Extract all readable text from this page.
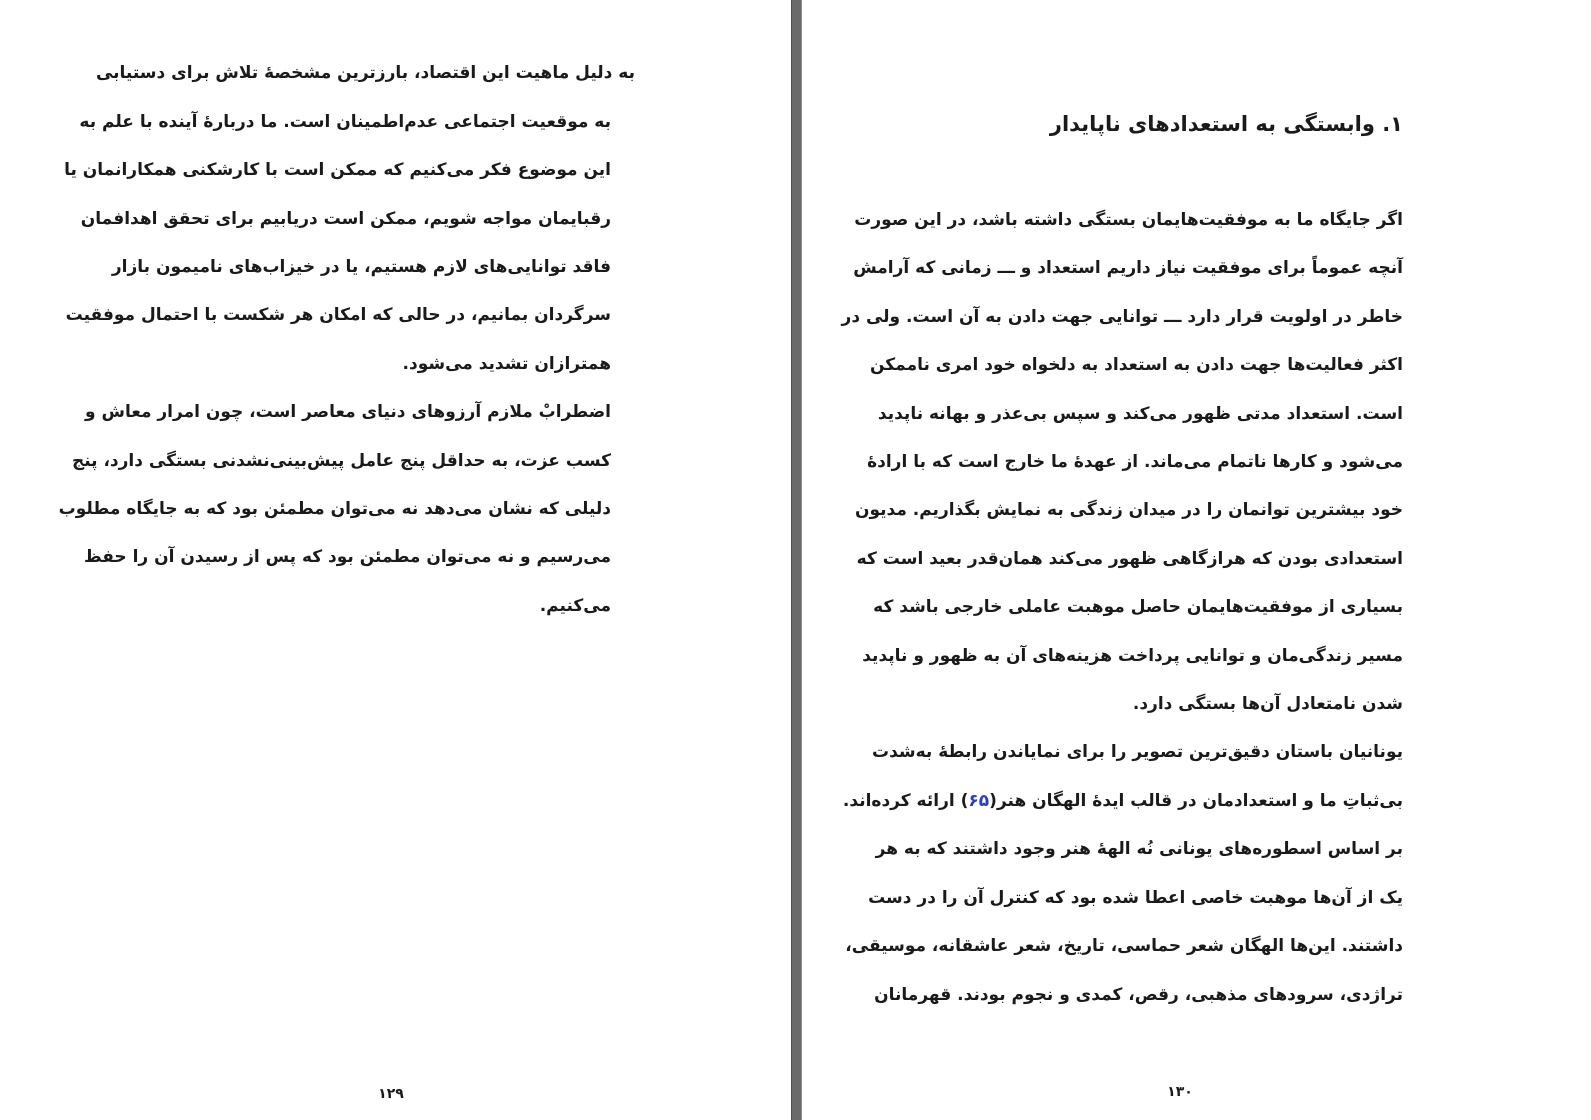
به دلیل ماهیت این اقتصاد، بارزترین مشخصهٔ تلاش برای دستیابی
به موقعیت اجتماعی عدم‌اطمینان است. ما دربارهٔ آینده با علم به
این موضوع فکر می‌کنیم که ممکن است با کارشکنی همکارانمان یا
رقبایمان مواجه شویم، ممکن است دریابیم برای تحقق اهدافمان
فاقد توانایی‌های لازم هستیم، یا در خیزاب‌های نامیمون بازار
سرگردان بمانیم، در حالی که امکان هر شکست با احتمال موفقیت
همترازان تشدید می‌شود.
اضطرابْ ملازم آرزوهای دنیای معاصر است، چون امرار معاش و
کسب عزت، به حداقل پنج عامل پیش‌بینی‌نشدنی بستگی دارد، پنج
دلیلی که نشان می‌دهد نه می‌توان مطمئن بود که به جایگاه مطلوب
می‌رسیم و نه می‌توان مطمئن بود که پس از رسیدن آن را حفظ
می‌کنیم.
۱۲۹
۱. وابستگی به استعدادهای ناپایدار
اگر جایگاه ما به موفقیت‌هایمان بستگی داشته باشد، در این صورت
آنچه عموماً برای موفقیت نیاز داریم استعداد و ـــ زمانی که آرامش
خاطر در اولویت قرار دارد ـــ توانایی جهت دادن به آن است. ولی در
اکثر فعالیت‌ها جهت دادن به استعداد به دلخواه خود امری ناممکن
است. استعداد مدتی ظهور می‌کند و سپس بی‌عذر و بهانه ناپدید
می‌شود و کارها ناتمام می‌ماند. از عهدهٔ ما خارج است که با ارادهٔ
خود بیشترین توانمان را در میدان زندگی به نمایش بگذاریم. مدیون
استعدادی بودن که هرازگاهی ظهور می‌کند همان‌قدر بعید است که
بسیاری از موفقیت‌هایمان حاصل موهبت عاملی خارجی باشد که
مسیر زندگی‌مان و توانایی پرداخت هزینه‌های آن به ظهور و ناپدید
شدن نامتعادل آن‌ها بستگی دارد.
یونانیان باستان دقیق‌ترین تصویر را برای نمایاندن رابطهٔ به‌شدت
بی‌ثباتِ ما و استعدادمان در قالب ایدهٔ الهگان هنر(۶۵) ارائه کرده‌اند.
بر اساس اسطوره‌های یونانی نُه الههٔ هنر وجود داشتند که به هر
یک از آن‌ها موهبت خاصی اعطا شده بود که کنترل آن را در دست
داشتند. این‌ها الهگان شعر حماسی، تاریخ، شعر عاشقانه، موسیقی،
تراژدی، سرودهای مذهبی، رقص، کمدی و نجوم بودند. قهرمانان
۱۳۰
